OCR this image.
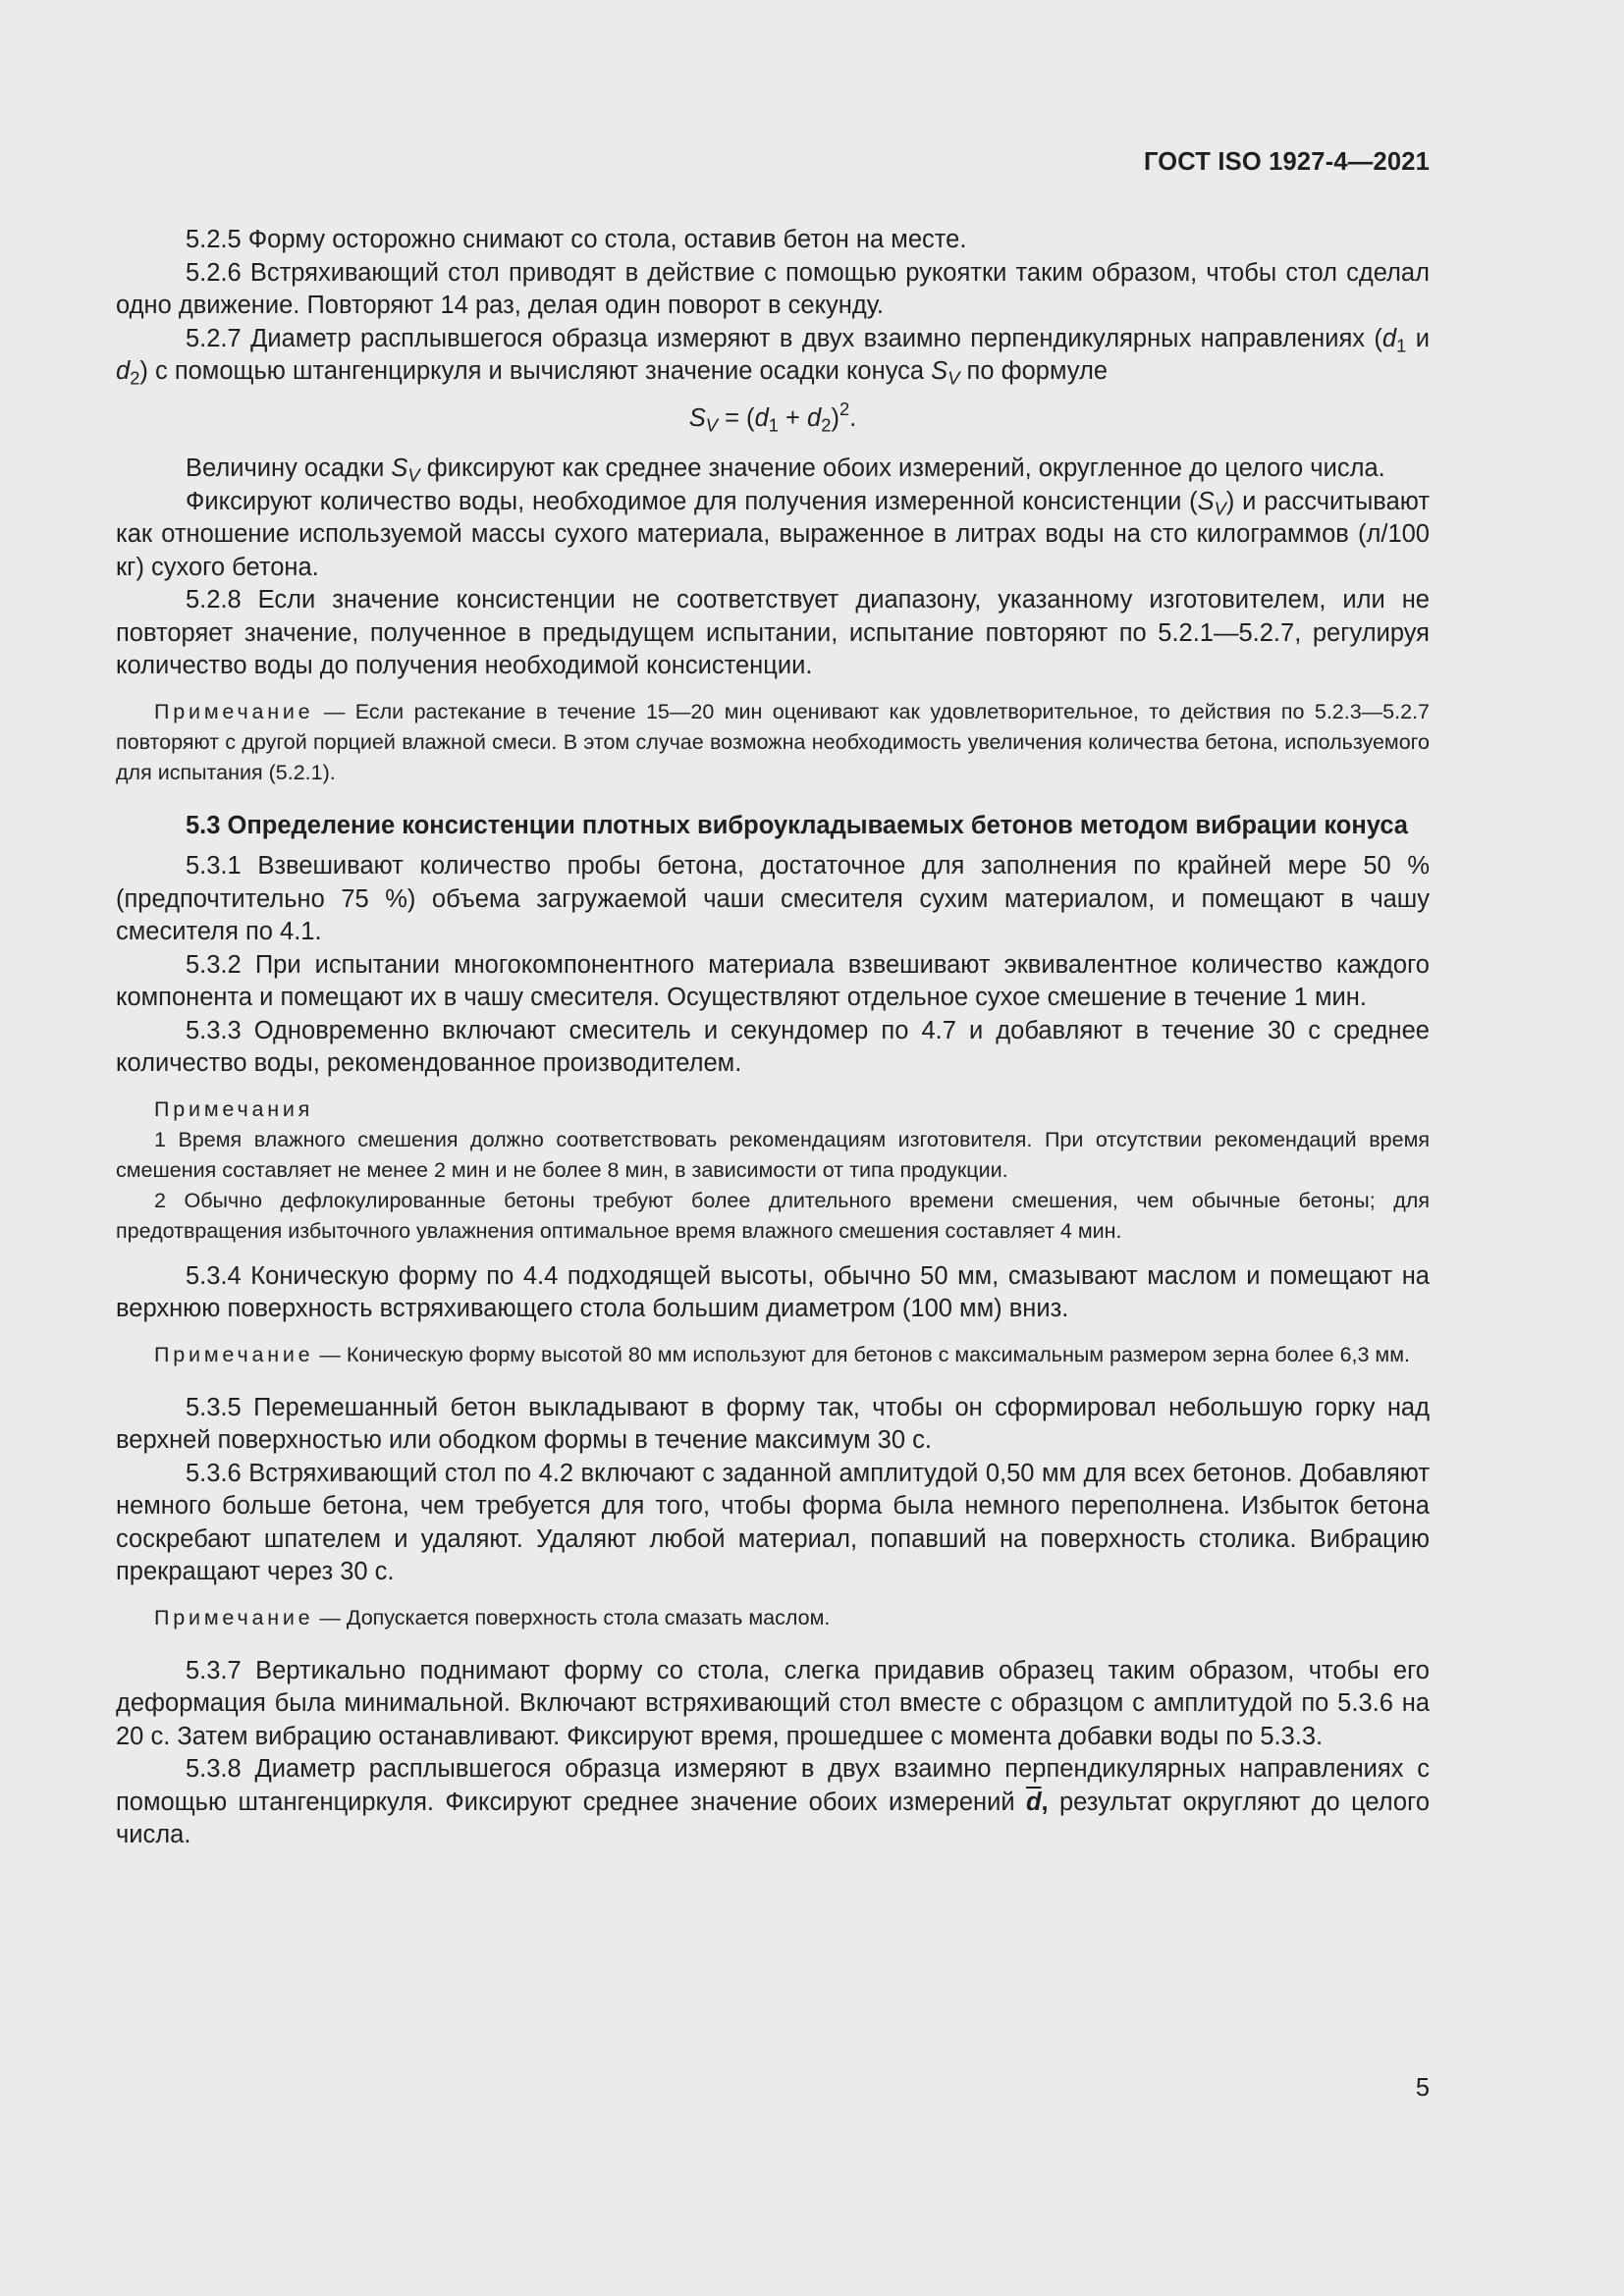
ГОСТ ISO 1927-4—2021

5.2.5 Форму осторожно снимают со стола, оставив бетон на месте.

5.2.6 Встряхивающий стол приводят в действие с помощью рукоятки таким образом, чтобы стол сделал одно движение. Повторяют 14 раз, делая один поворот в секунду.

5.2.7 Диаметр расплывшегося образца измеряют в двух взаимно перпендикулярных направлениях ($d_1$ и $d_2$) с помощью штангенциркуля и вычисляют значение осадки конуса $S_V$ по формуле

$S_V = (d_1 + d_2)^2$.

Величину осадки $S_V$ фиксируют как среднее значение обоих измерений, округленное до целого числа.

Фиксируют количество воды, необходимое для получения измеренной консистенции $(S_V)$ и рассчитывают как отношение используемой массы сухого материала, выраженное в литрах воды на сто килограммов (л/100 кг) сухого бетона.

5.2.8 Если значение консистенции не соответствует диапазону, указанному изготовителем, или не повторяет значение, полученное в предыдущем испытании, испытание повторяют по 5.2.1—5.2.7, регулируя количество воды до получения необходимой консистенции.

Примечание — Если растекание в течение 15—20 мин оценивают как удовлетворительное, то действия по 5.2.3—5.2.7 повторяют с другой порцией влажной смеси. В этом случае возможна необходимость увеличения количества бетона, используемого для испытания (5.2.1).

5.3 Определение консистенции плотных виброукладываемых бетонов методом вибрации конуса

5.3.1 Взвешивают количество пробы бетона, достаточное для заполнения по крайней мере 50 % (предпочтительно 75 %) объема загружаемой чаши смесителя сухим материалом, и помещают в чашу смесителя по 4.1.

5.3.2 При испытании многокомпонентного материала взвешивают эквивалентное количество каждого компонента и помещают их в чашу смесителя. Осуществляют отдельное сухое смешение в течение 1 мин.

5.3.3 Одновременно включают смеситель и секундомер по 4.7 и добавляют в течение 30 с среднее количество воды, рекомендованное производителем.

Примечания

1 Время влажного смешения должно соответствовать рекомендациям изготовителя. При отсутствии рекомендаций время смешения составляет не менее 2 мин и не более 8 мин, в зависимости от типа продукции.

2 Обычно дефлокулированные бетоны требуют более длительного времени смешения, чем обычные бетоны; для предотвращения избыточного увлажнения оптимальное время влажного смешения составляет 4 мин.

5.3.4 Коническую форму по 4.4 подходящей высоты, обычно 50 мм, смазывают маслом и помещают на верхнюю поверхность встряхивающего стола большим диаметром (100 мм) вниз.

Примечание — Коническую форму высотой 80 мм используют для бетонов с максимальным размером зерна более 6,3 мм.

5.3.5 Перемешанный бетон выкладывают в форму так, чтобы он сформировал небольшую горку над верхней поверхностью или ободком формы в течение максимум 30 с.

5.3.6 Встряхивающий стол по 4.2 включают с заданной амплитудой 0,50 мм для всех бетонов. Добавляют немного больше бетона, чем требуется для того, чтобы форма была немного переполнена. Избыток бетона соскребают шпателем и удаляют. Удаляют любой материал, попавший на поверхность столика. Вибрацию прекращают через 30 с.

Примечание — Допускается поверхность стола смазать маслом.

5.3.7 Вертикально поднимают форму со стола, слегка придавив образец таким образом, чтобы его деформация была минимальной. Включают встряхивающий стол вместе с образцом с амплитудой по 5.3.6 на 20 с. Затем вибрацию останавливают. Фиксируют время, прошедшее с момента добавки воды по 5.3.3.

5.3.8 Диаметр расплывшегося образца измеряют в двух взаимно перпендикулярных направлениях с помощью штангенциркуля. Фиксируют среднее значение обоих измерений $\overline{d}$, результат округляют до целого числа.

5
